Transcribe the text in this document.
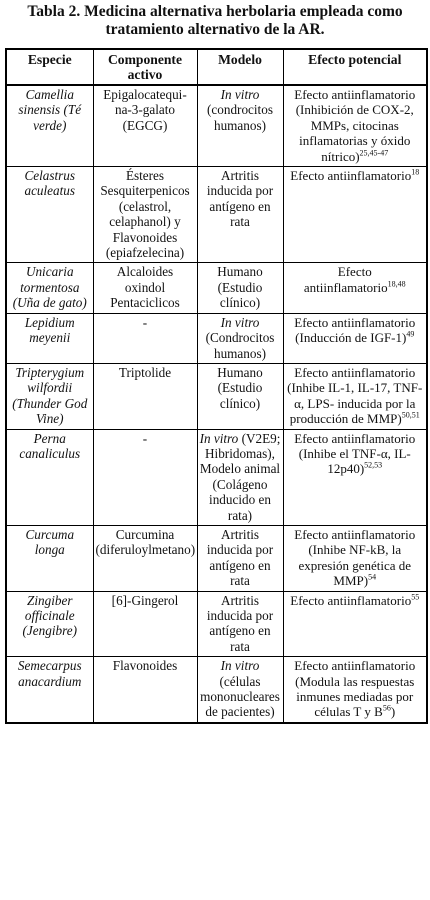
Tabla 2. Medicina alternativa herbolaria empleada como
tratamiento alternativo de la AR.
Especie	Componente activo	Modelo	Efecto potencial
Camellia sinensis (Té verde)	Epigalocatequi-na-3-galato (EGCG)	In vitro (condrocitos humanos)	Efecto antiinflamatorio (Inhibición de COX-2, MMPs, citocinas inflamatorias y óxido nítrico)$^{25,45-47}$
Celastrus aculeatus	Ésteres Sesquiterpenicos (celastrol, celaphanol) y Flavonoides (epiafzelecina)	Artritis inducida por antígeno en rata	Efecto antiinflamatorio$^{18}$
Unicaria tormentosa (Uña de gato)	Alcaloides oxindol Pentaciclicos	Humano (Estudio clínico)	Efecto antiinflamatorio$^{18,48}$
Lepidium meyenii	-	In vitro (Condrocitos humanos)	Efecto antiinflamatorio (Inducción de IGF-1)$^{49}$
Tripterygium wilfordii (Thunder God Vine)	Triptolide	Humano (Estudio clínico)	Efecto antiinflamatorio (Inhibe IL-1, IL-17, TNF-α, LPS- inducida por la producción de MMP)$^{50,51}$
Perna canaliculus	-	In vitro (V2E9; Hibridomas), Modelo animal (Colágeno inducido en rata)	Efecto antiinflamatorio (Inhibe el TNF-α, IL-12p40)$^{52,53}$
Curcuma longa	Curcumina (diferuloylmetano)	Artritis inducida por antígeno en rata	Efecto antiinflamatorio (Inhibe NF-kB, la expresión genética de MMP)$^{54}$
Zingiber officinale (Jengibre)	[6]-Gingerol	Artritis inducida por antígeno en rata	Efecto antiinflamatorio$^{55}$
Semecarpus anacardium	Flavonoides	In vitro (células mononucleares de pacientes)	Efecto antiinflamatorio (Modula las respuestas inmunes mediadas por células T y $B^{56}$)
